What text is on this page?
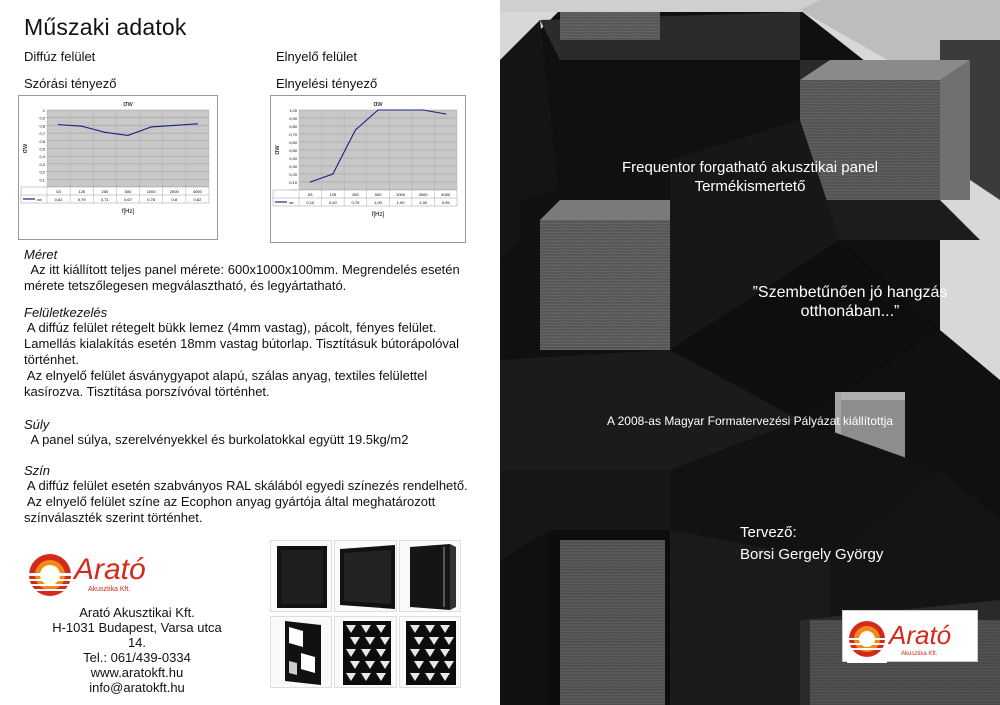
Műszaki adatok
Diffúz felület	Elnyelő felület
Szórási tényező	Elnyelési tényező
σw
σw
0,1
0,2
0,3
0,4
0,5
0,6
0,7
0,8
0,9
1
63
0,81
125
0,79
250
0,71
500
0,67
1000
0,78
2000
0,8
4000
0,82
σw
f[Hz]
αw
αw
0,10
0,20
0,30
0,40
0,50
0,60
0,70
0,80
0,90
1,00
63
0,10
125
0,20
250
0,75
500
1,00
1000
1,00
2000
1,00
4000
0,95
αw
f[Hz]
Méret
Az itt kiállított teljes panel mérete: 600x1000x100mm. Megrendelés esetén
mérete tetszőlegesen megválasztható, és legyártatható.
Felületkezelés
A diffúz felület rétegelt bükk lemez (4mm vastag), pácolt, fényes felület.
Lamellás kialakítás esetén 18mm vastag bútorlap. Tisztításuk bútorápolóval
történhet.
Az elnyelő felület ásványgyapot alapú, szálas anyag, textiles felülettel
kasírozva. Tisztítása porszívóval történhet.
Súly
A panel súlya, szerelvényekkel és burkolatokkal együtt 19.5kg/m2
Szín
A diffúz felület esetén szabványos RAL skálából egyedi színezés rendelhető.
Az elnyelő felület színe az Ecophon anyag gyártója által meghatározott
színválaszték szerint történhet.
Arató
Akusztika Kft.
Arató Akusztikai Kft.
H-1031 Budapest, Varsa utca 14.
Tel.: 061/439-0334
www.aratokft.hu
info@aratokft.hu
Frequentor forgatható akusztikai panel
Termékismertető
”Szembetűnően jó hangzás
otthonában...”
A 2008-as Magyar Formatervezési Pályázat kiállítottja
Tervező:
Borsi Gergely György
Arató
Akusztika Kft.
